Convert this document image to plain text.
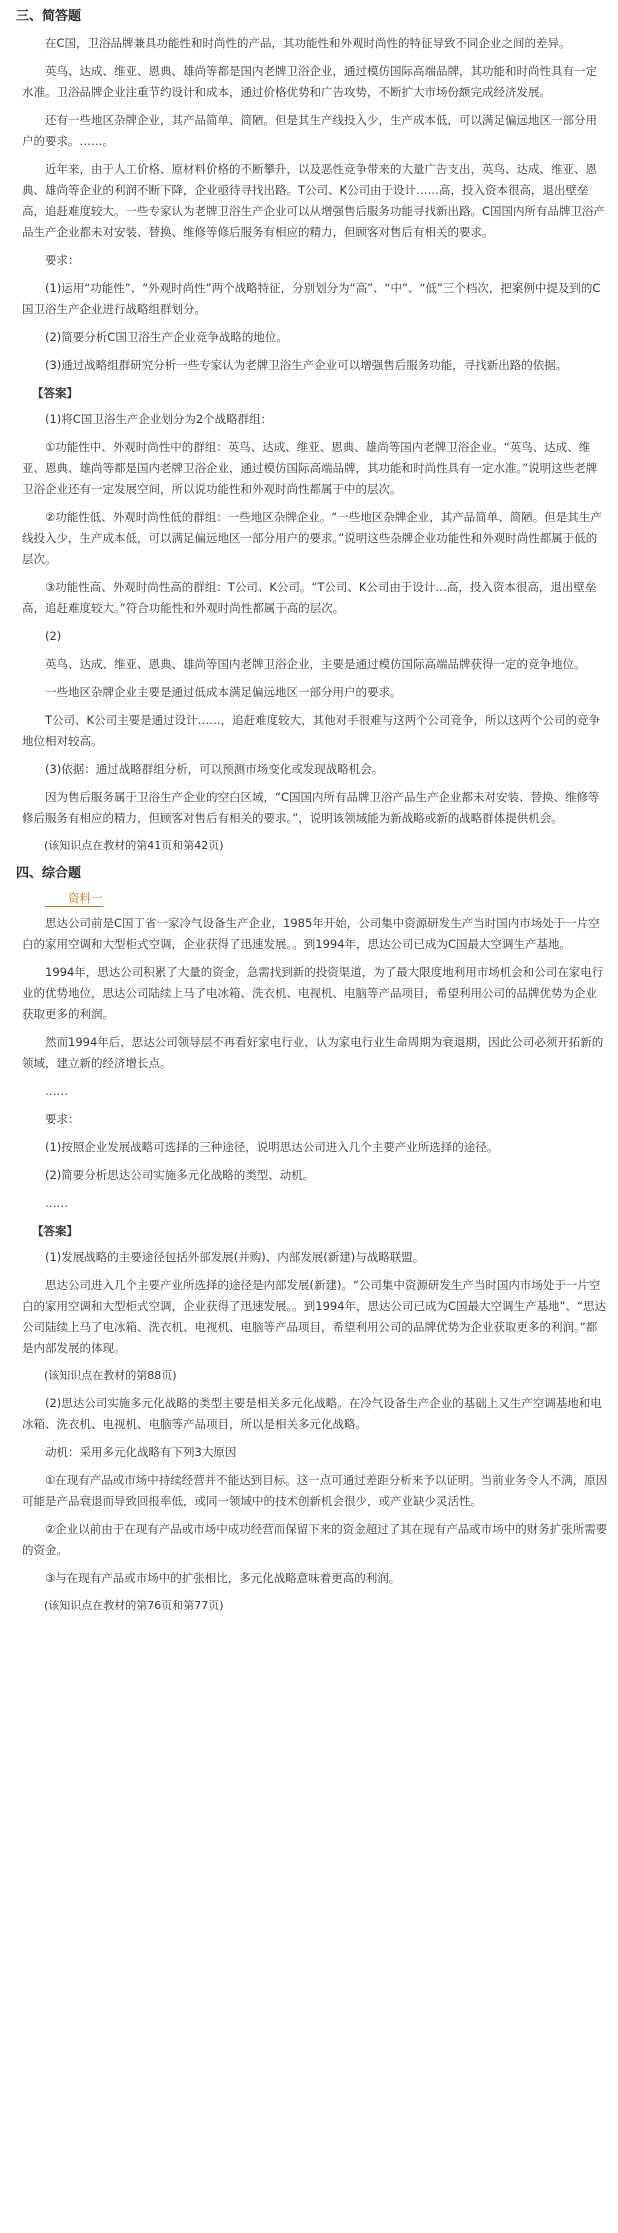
三、简答题
在C国，卫浴品牌兼具功能性和时尚性的产品，其功能性和外观时尚性的特征导致不同企业之间的差异。
英鸟、达成、维亚、恩典、雄尚等都是国内老牌卫浴企业，通过模仿国际高端品牌，其功能和时尚性具有一定水准。卫浴品牌企业注重节约设计和成本，通过价格优势和广告攻势，不断扩大市场份额完成经济发展。
还有一些地区杂牌企业，其产品简单、简陋。但是其生产线投入少，生产成本低，可以满足偏远地区一部分用户的要求。……。
近年来，由于人工价格、原材料价格的不断攀升，以及恶性竞争带来的大量广告支出，英鸟、达成、维亚、恩典、雄尚等企业的利润不断下降，企业亟待寻找出路。T公司、K公司由于设计……高，投入资本很高，退出壁垒高，追赶难度较大。一些专家认为老牌卫浴生产企业可以从增强售后服务功能寻找新出路。C国国内所有品牌卫浴产品生产企业都未对安装、替换、维修等修后服务有相应的精力，但顾客对售后有相关的要求。
要求：
(1)运用“功能性”、“外观时尚性”两个战略特征，分别划分为“高”、“中”、“低”三个档次，把案例中提及到的C国卫浴生产企业进行战略组群划分。
(2)简要分析C国卫浴生产企业竞争战略的地位。
(3)通过战略组群研究分析一些专家认为老牌卫浴生产企业可以增强售后服务功能，寻找新出路的依据。
【答案】
(1)将C国卫浴生产企业划分为2个战略群组：
①功能性中、外观时尚性中的群组：英鸟、达成、维亚、恩典、雄尚等国内老牌卫浴企业。“英鸟、达成、维亚、恩典、雄尚等都是国内老牌卫浴企业，通过模仿国际高端品牌，其功能和时尚性具有一定水准。”说明这些老牌卫浴企业还有一定发展空间，所以说功能性和外观时尚性都属于中的层次。
②功能性低、外观时尚性低的群组：一些地区杂牌企业。“一些地区杂牌企业，其产品简单、简陋。但是其生产线投入少，生产成本低，可以满足偏远地区一部分用户的要求。”说明这些杂牌企业功能性和外观时尚性都属于低的层次。
③功能性高、外观时尚性高的群组：T公司、K公司。“T公司、K公司由于设计…高，投入资本很高，退出壁垒高，追赶难度较大。”符合功能性和外观时尚性都属于高的层次。
(2)
英鸟、达成、维亚、恩典、雄尚等国内老牌卫浴企业，主要是通过模仿国际高端品牌获得一定的竞争地位。
一些地区杂牌企业主要是通过低成本满足偏远地区一部分用户的要求。
T公司、K公司主要是通过设计……，追赶难度较大，其他对手很难与这两个公司竞争，所以这两个公司的竞争地位相对较高。
(3)依据：通过战略群组分析，可以预测市场变化或发现战略机会。
因为售后服务属于卫浴生产企业的空白区域，“C国国内所有品牌卫浴产品生产企业都未对安装、替换、维修等修后服务有相应的精力，但顾客对售后有相关的要求。”，说明该领域能为新战略或新的战略群体提供机会。
(该知识点在教材的第41页和第42页)
四、综合题
资料一
思达公司前是C国丁省一家冷气设备生产企业，1985年开始，公司集中资源研发生产当时国内市场处于一片空白的家用空调和大型柜式空调，企业获得了迅速发展。。到1994年，思达公司已成为C国最大空调生产基地。
1994年，思达公司积累了大量的资金，急需找到新的投资渠道，为了最大限度地利用市场机会和公司在家电行业的优势地位，思达公司陆续上马了电冰箱、洗衣机、电视机、电脑等产品项目，希望利用公司的品牌优势为企业获取更多的利润。
然而1994年后，思达公司领导层不再看好家电行业，认为家电行业生命周期为衰退期，因此公司必须开拓新的领域，建立新的经济增长点。
……
要求：
(1)按照企业发展战略可选择的三种途径，说明思达公司进入几个主要产业所选择的途径。
(2)简要分析思达公司实施多元化战略的类型、动机。
……
【答案】
(1)发展战略的主要途径包括外部发展(并购)、内部发展(新建)与战略联盟。
思达公司进入几个主要产业所选择的途径是内部发展(新建)。“公司集中资源研发生产当时国内市场处于一片空白的家用空调和大型柜式空调，企业获得了迅速发展。。到1994年，思达公司已成为C国最大空调生产基地”、“思达公司陆续上马了电冰箱、洗衣机、电视机、电脑等产品项目，希望利用公司的品牌优势为企业获取更多的利润。”都是内部发展的体现。
(该知识点在教材的第88页)
(2)思达公司实施多元化战略的类型主要是相关多元化战略。在冷气设备生产企业的基础上又生产空调基地和电冰箱、洗衣机、电视机、电脑等产品项目，所以是相关多元化战略。
动机：采用多元化战略有下列3大原因
①在现有产品或市场中持续经营并不能达到目标。这一点可通过差距分析来予以证明。当前业务令人不满，原因可能是产品衰退而导致回报率低，或同一领域中的技术创新机会很少，或产业缺少灵活性。
②企业以前由于在现有产品或市场中成功经营而保留下来的资金超过了其在现有产品或市场中的财务扩张所需要的资金。
③与在现有产品或市场中的扩张相比，多元化战略意味着更高的利润。
(该知识点在教材的第76页和第77页)
